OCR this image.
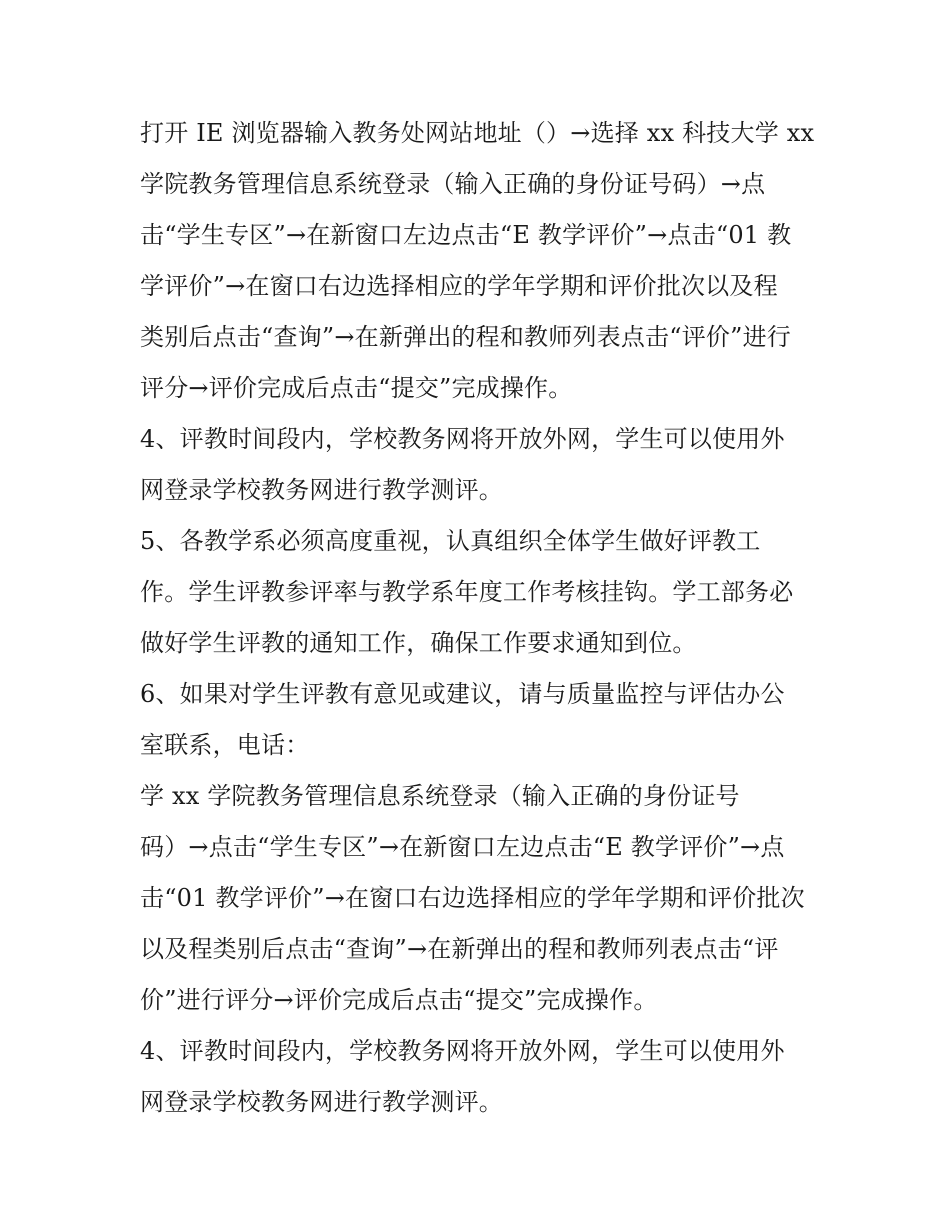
打开 IE 浏览器输入教务处网站地址（）→选择 xx 科技大学 xx
学院教务管理信息系统登录（输入正确的身份证号码）→点
击“学生专区”→在新窗口左边点击“E 教学评价”→点击“01 教
学评价”→在窗口右边选择相应的学年学期和评价批次以及程
类别后点击“查询”→在新弹出的程和教师列表点击“评价”进行
评分→评价完成后点击“提交”完成操作。
4、评教时间段内，学校教务网将开放外网，学生可以使用外
网登录学校教务网进行教学测评。
5、各教学系必须高度重视，认真组织全体学生做好评教工
作。学生评教参评率与教学系年度工作考核挂钩。学工部务必
做好学生评教的通知工作，确保工作要求通知到位。
6、如果对学生评教有意见或建议，请与质量监控与评估办公
室联系，电话：
学 xx 学院教务管理信息系统登录（输入正确的身份证号
码）→点击“学生专区”→在新窗口左边点击“E 教学评价”→点
击“01 教学评价”→在窗口右边选择相应的学年学期和评价批次
以及程类别后点击“查询”→在新弹出的程和教师列表点击“评
价”进行评分→评价完成后点击“提交”完成操作。
4、评教时间段内，学校教务网将开放外网，学生可以使用外
网登录学校教务网进行教学测评。
